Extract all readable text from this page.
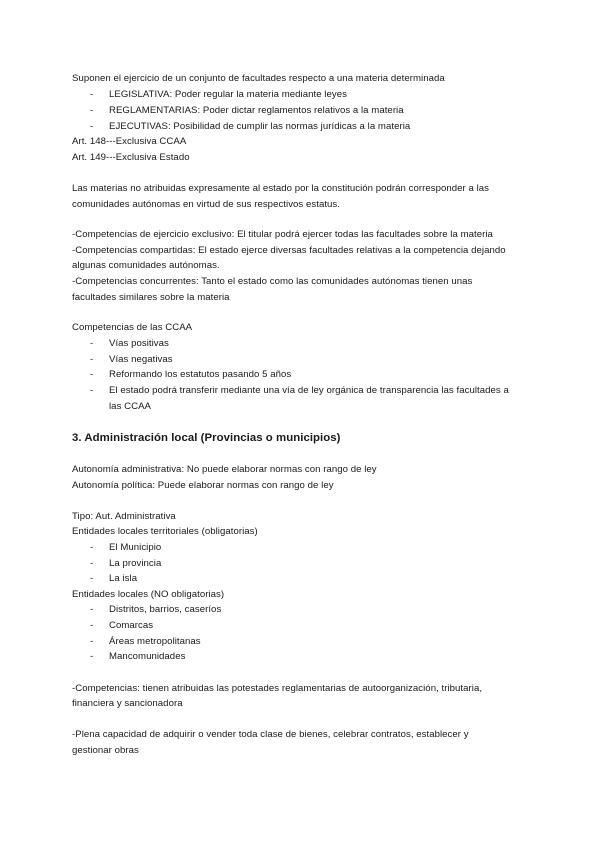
Suponen el ejercicio de un conjunto de facultades respecto a una materia determinada
- LEGISLATIVA: Poder regular la materia mediante leyes
- REGLAMENTARIAS: Poder dictar reglamentos relativos a la materia
- EJECUTIVAS: Posibilidad de cumplir las normas jurídicas a la materia
Art. 148---Exclusiva CCAA
Art. 149---Exclusiva Estado
Las materias no atribuidas expresamente al estado por la constitución podrán corresponder a las
comunidades autónomas en virtud de sus respectivos estatus.
-Competencias de ejercicio exclusivo: El titular podrá ejercer todas las facultades sobre la materia
-Competencias compartidas: El estado ejerce diversas facultades relativas a la competencia dejando
algunas comunidades autónomas.
-Competencias concurrentes: Tanto el estado como las comunidades autónomas tienen unas
facultades similares sobre la materia
Competencias de las CCAA
- Vías positivas
- Vías negativas
- Reformando los estatutos pasando 5 años
- El estado podrá transferir mediante una vía de ley orgánica de transparencia las facultades a
las CCAA
3. Administración local (Provincias o municipios)
Autonomía administrativa: No puede elaborar normas con rango de ley
Autonomía política: Puede elaborar normas con rango de ley
Tipo: Aut. Administrativa
Entidades locales territoriales (obligatorias)
- El Municipio
- La provincia
- La isla
Entidades locales (NO obligatorias)
- Distritos, barrios, caseríos
- Comarcas
- Áreas metropolitanas
- Mancomunidades
-Competencias: tienen atribuidas las potestades reglamentarias de autoorganización, tributaria,
financiera y sancionadora
-Plena capacidad de adquirir o vender toda clase de bienes, celebrar contratos, establecer y
gestionar obras
